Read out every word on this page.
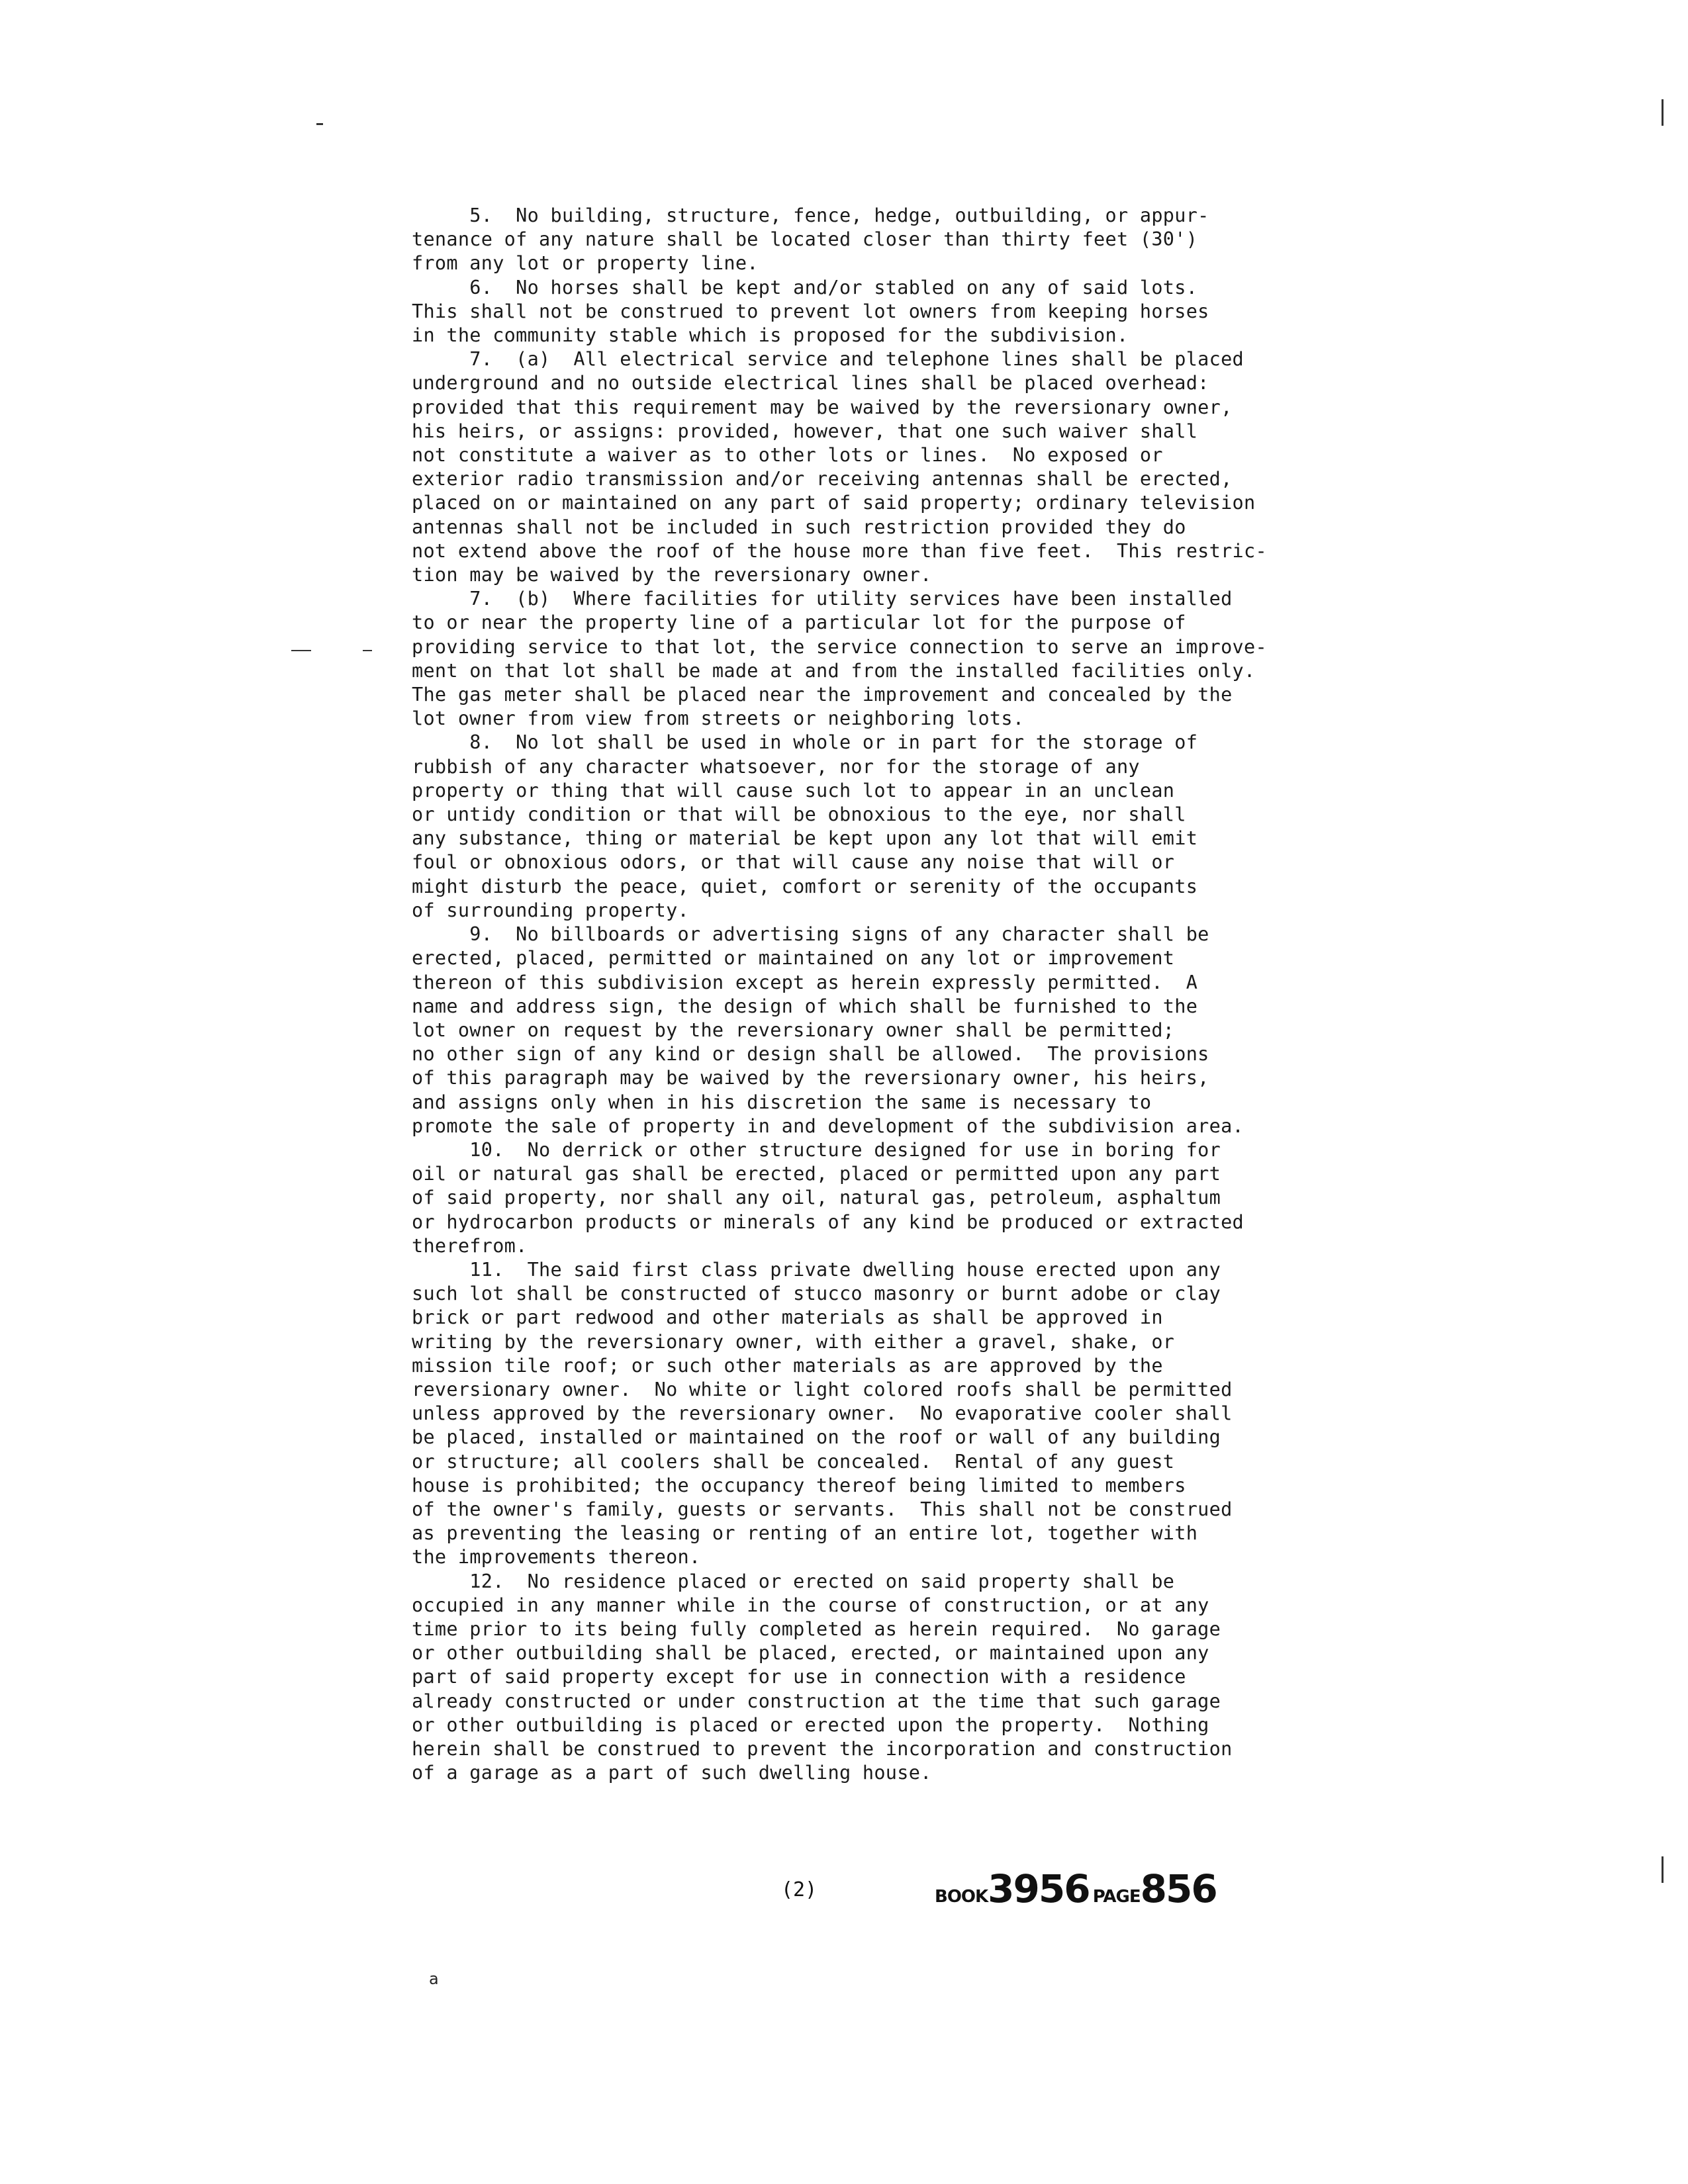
5.  No building, structure, fence, hedge, outbuilding, or appur-
tenance of any nature shall be located closer than thirty feet (30')
from any lot or property line.

6.  No horses shall be kept and/or stabled on any of said lots.
This shall not be construed to prevent lot owners from keeping horses
in the community stable which is proposed for the subdivision.

7.  (a)  All electrical service and telephone lines shall be placed
underground and no outside electrical lines shall be placed overhead:
provided that this requirement may be waived by the reversionary owner,
his heirs, or assigns: provided, however, that one such waiver shall
not constitute a waiver as to other lots or lines.  No exposed or
exterior radio transmission and/or receiving antennas shall be erected,
placed on or maintained on any part of said property; ordinary television
antennas shall not be included in such restriction provided they do
not extend above the roof of the house more than five feet.  This restric-
tion may be waived by the reversionary owner.

7.  (b)  Where facilities for utility services have been installed
to or near the property line of a particular lot for the purpose of
providing service to that lot, the service connection to serve an improve-
ment on that lot shall be made at and from the installed facilities only.
The gas meter shall be placed near the improvement and concealed by the
lot owner from view from streets or neighboring lots.

8.  No lot shall be used in whole or in part for the storage of
rubbish of any character whatsoever, nor for the storage of any
property or thing that will cause such lot to appear in an unclean
or untidy condition or that will be obnoxious to the eye, nor shall
any substance, thing or material be kept upon any lot that will emit
foul or obnoxious odors, or that will cause any noise that will or
might disturb the peace, quiet, comfort or serenity of the occupants
of surrounding property.

9.  No billboards or advertising signs of any character shall be
erected, placed, permitted or maintained on any lot or improvement
thereon of this subdivision except as herein expressly permitted.  A
name and address sign, the design of which shall be furnished to the
lot owner on request by the reversionary owner shall be permitted;
no other sign of any kind or design shall be allowed.  The provisions
of this paragraph may be waived by the reversionary owner, his heirs,
and assigns only when in his discretion the same is necessary to
promote the sale of property in and development of the subdivision area.

10.  No derrick or other structure designed for use in boring for
oil or natural gas shall be erected, placed or permitted upon any part
of said property, nor shall any oil, natural gas, petroleum, asphaltum
or hydrocarbon products or minerals of any kind be produced or extracted
therefrom.

11.  The said first class private dwelling house erected upon any
such lot shall be constructed of stucco masonry or burnt adobe or clay
brick or part redwood and other materials as shall be approved in
writing by the reversionary owner, with either a gravel, shake, or
mission tile roof; or such other materials as are approved by the
reversionary owner.  No white or light colored roofs shall be permitted
unless approved by the reversionary owner.  No evaporative cooler shall
be placed, installed or maintained on the roof or wall of any building
or structure; all coolers shall be concealed.  Rental of any guest
house is prohibited; the occupancy thereof being limited to members
of the owner's family, guests or servants.  This shall not be construed
as preventing the leasing or renting of an entire lot, together with
the improvements thereon.

12.  No residence placed or erected on said property shall be
occupied in any manner while in the course of construction, or at any
time prior to its being fully completed as herein required.  No garage
or other outbuilding shall be placed, erected, or maintained upon any
part of said property except for use in connection with a residence
already constructed or under construction at the time that such garage
or other outbuilding is placed or erected upon the property.  Nothing
herein shall be construed to prevent the incorporation and construction
of a garage as a part of such dwelling house.

(2)	BOOK3956 PAGE856
a
